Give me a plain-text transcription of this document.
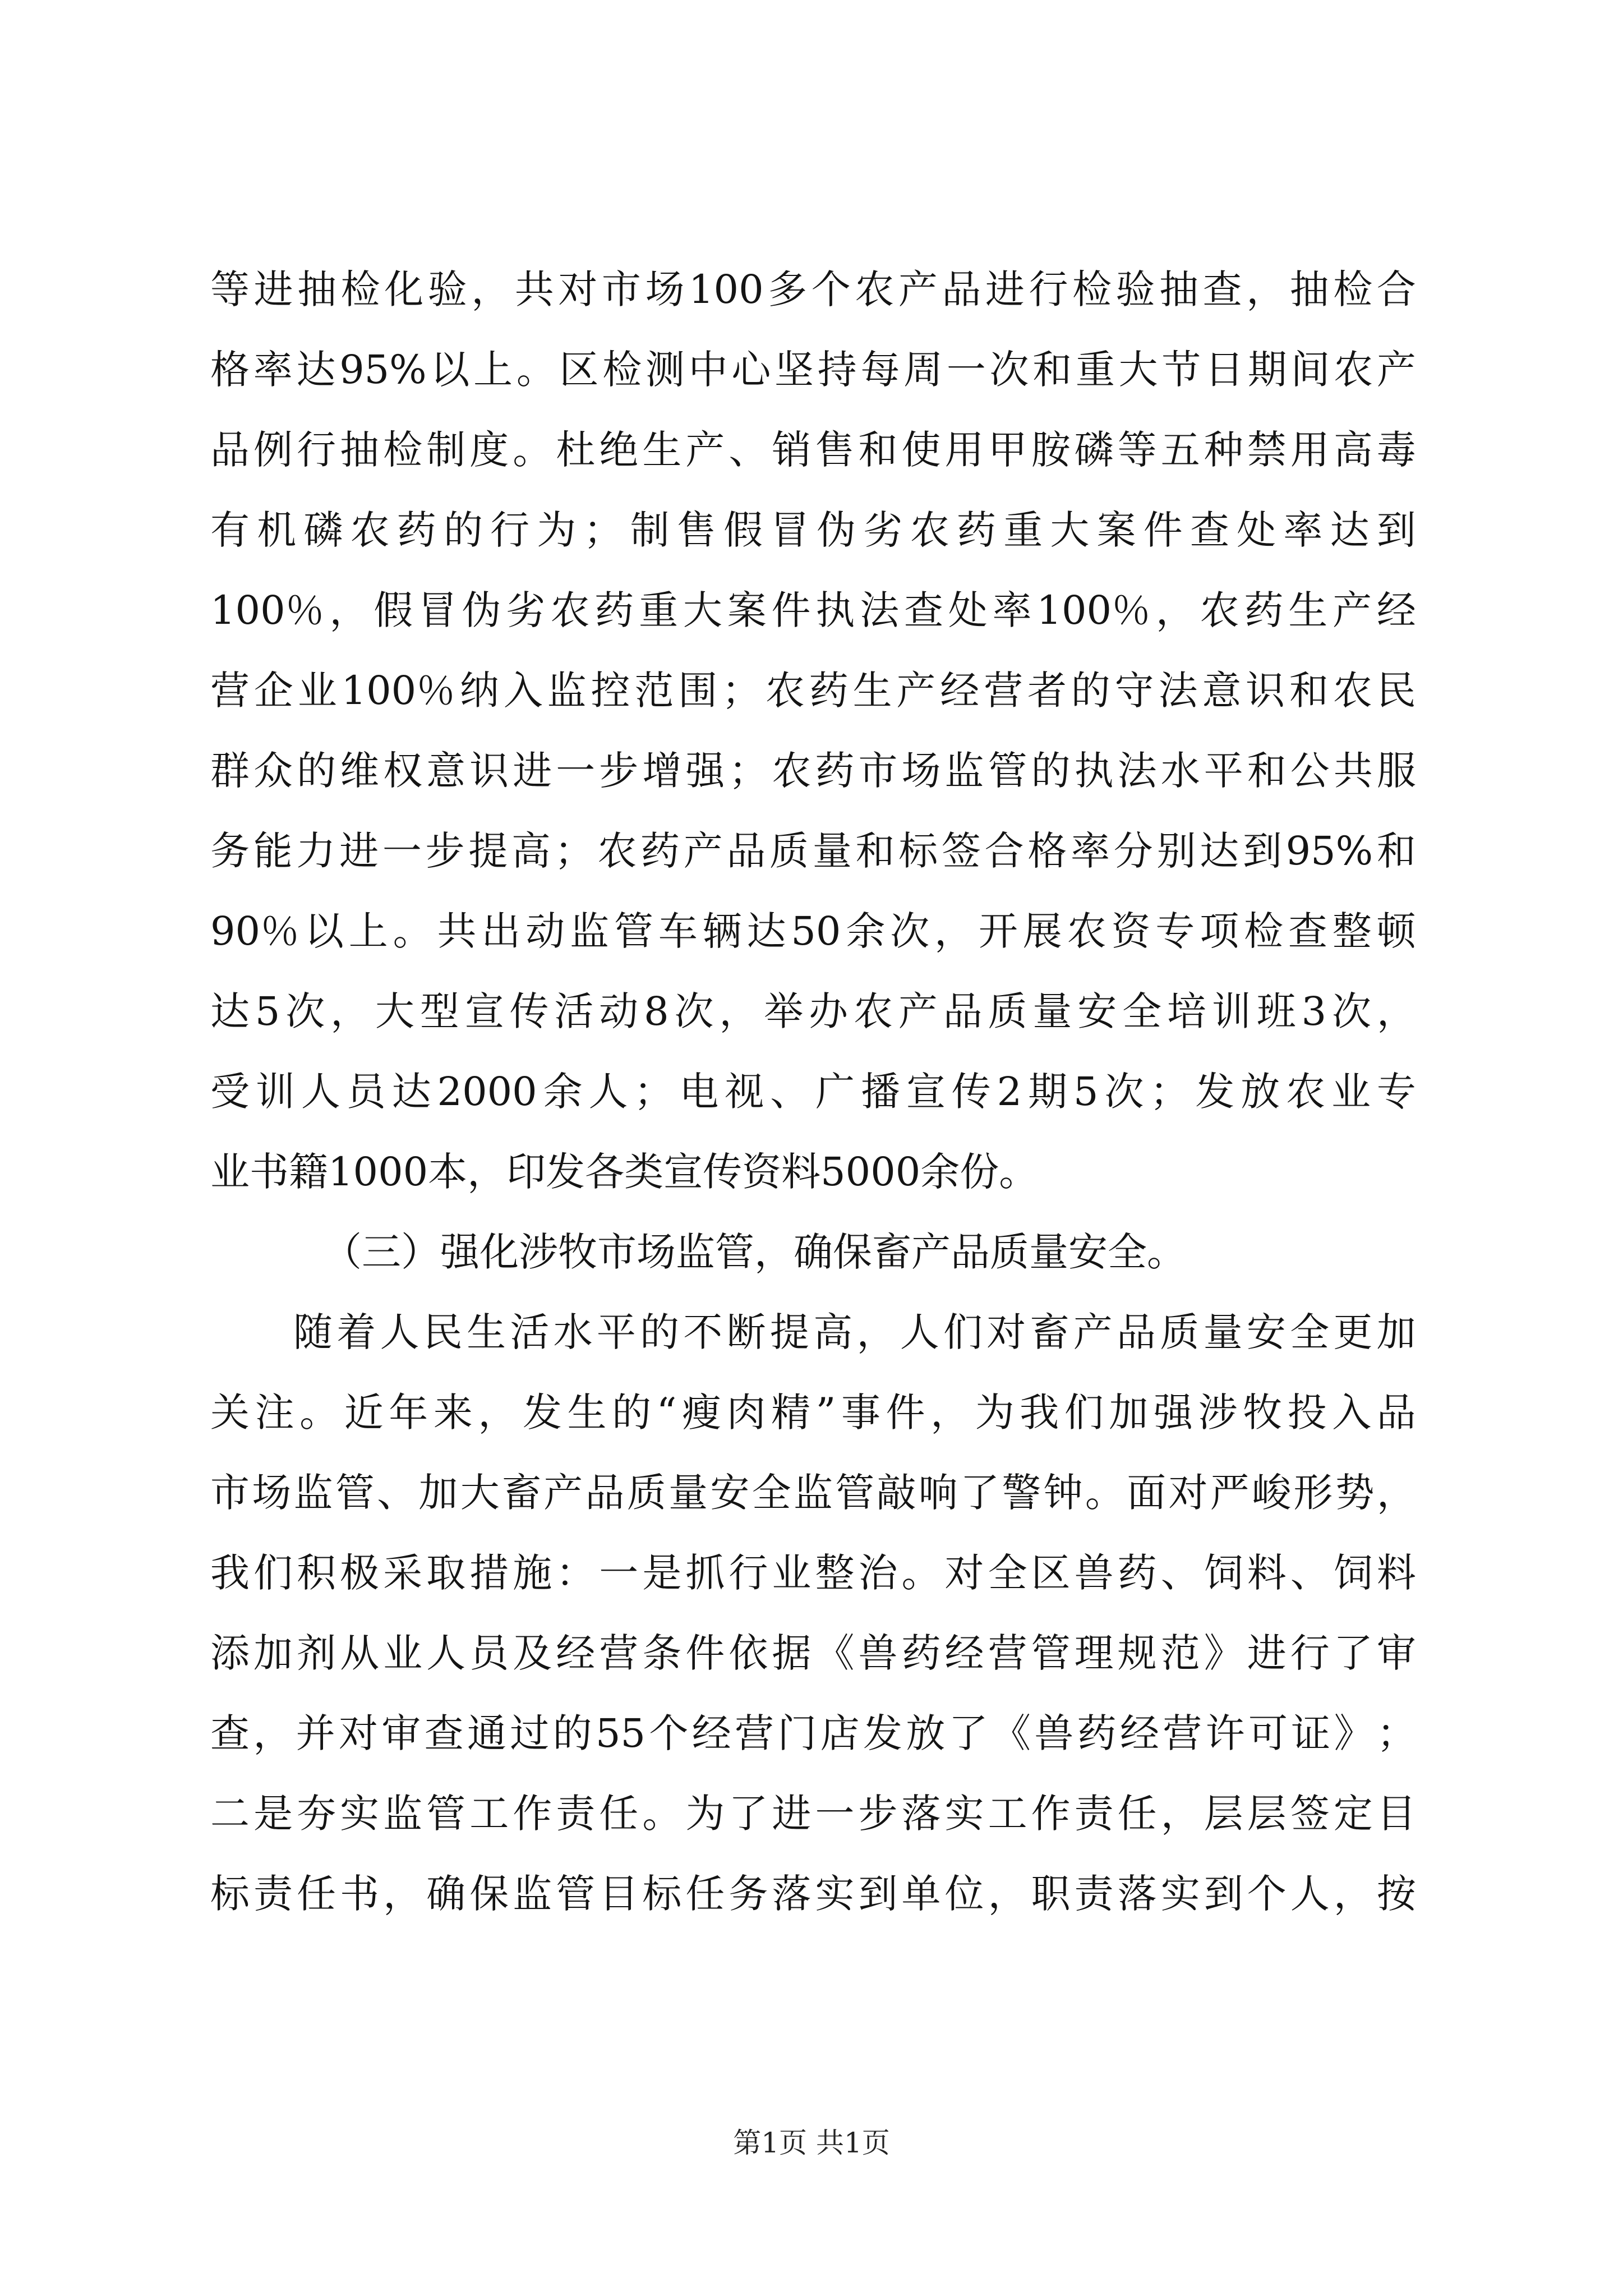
等 进 抽 检 化 验 ， 共 对 市 场 100 多 个 农 产 品 进 行 检 验 抽 查 ， 抽 检 合
格 率 达 95% 以 上 。 区 检 测 中 心 坚 持 每 周 一 次 和 重 大 节 日 期 间 农 产
品 例 行 抽 检 制 度 。 杜 绝 生 产 、 销 售 和 使 用 甲 胺 磷 等 五 种 禁 用 高 毒
有 机 磷 农 药 的 行 为 ； 制 售 假 冒 伪 劣 农 药 重 大 案 件 查 处 率 达 到
100％ ， 假 冒 伪 劣 农 药 重 大 案 件 执 法 查 处 率 100％ ， 农 药 生 产 经
营 企 业 100％ 纳 入 监 控 范 围 ； 农 药 生 产 经 营 者 的 守 法 意 识 和 农 民
群 众 的 维 权 意 识 进 一 步 增 强 ； 农 药 市 场 监 管 的 执 法 水 平 和 公 共 服
务 能 力 进 一 步 提 高 ； 农 药 产 品 质 量 和 标 签 合 格 率 分 别 达 到 95% 和
90％ 以 上 。 共 出 动 监 管 车 辆 达 50 余 次 ， 开 展 农 资 专 项 检 查 整 顿
达 5 次 ， 大 型 宣 传 活 动 8 次 ， 举 办 农 产 品 质 量 安 全 培 训 班 3 次 ，
受 训 人 员 达 2000 余 人 ； 电 视 、 广 播 宣 传 2 期 5 次 ； 发 放 农 业 专
业书籍1000本，印发各类宣传资料5000余份。
（三）强化涉牧市场监管，确保畜产品质量安全。
随 着 人 民 生 活 水 平 的 不 断 提 高 ， 人 们 对 畜 产 品 质 量 安 全 更 加
关 注 。 近 年 来 ， 发 生 的 “ 瘦 肉 精 ” 事 件 ， 为 我 们 加 强 涉 牧 投 入 品
市 场 监 管 、 加 大 畜 产 品 质 量 安 全 监 管 敲 响 了 警 钟 。 面 对 严 峻 形 势 ，
我 们 积 极 采 取 措 施 ： 一 是 抓 行 业 整 治 。 对 全 区 兽 药 、 饲 料 、 饲 料
添 加 剂 从 业 人 员 及 经 营 条 件 依 据 《 兽 药 经 营 管 理 规 范 》 进 行 了 审
查 ， 并 对 审 查 通 过 的 55 个 经 营 门 店 发 放 了 《 兽 药 经 营 许 可 证 》 ；
二 是 夯 实 监 管 工 作 责 任 。 为 了 进 一 步 落 实 工 作 责 任 ， 层 层 签 定 目
标 责 任 书 ， 确 保 监 管 目 标 任 务 落 实 到 单 位 ， 职 责 落 实 到 个 人 ， 按
第1页 共1页
